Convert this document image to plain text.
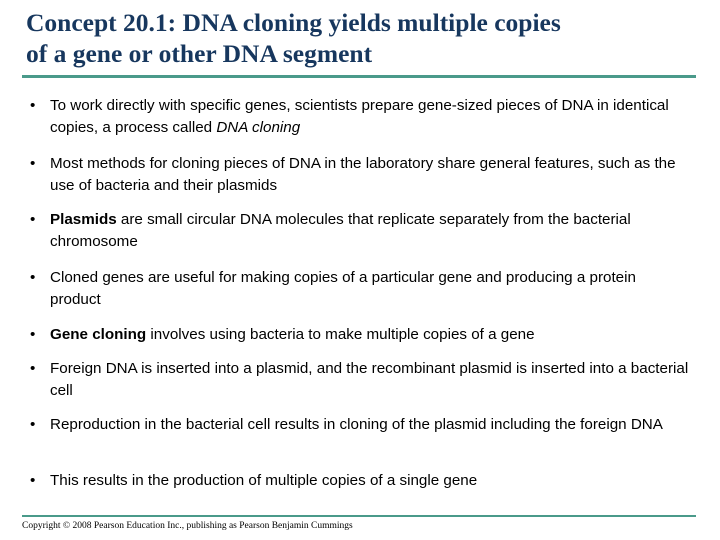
Concept 20.1: DNA cloning yields multiple copies
of a gene or other DNA segment
• To work directly with specific genes, scientists prepare gene-sized pieces of DNA in identical copies, a process called DNA cloning
• Most methods for cloning pieces of DNA in the laboratory share general features, such as the use of bacteria and their plasmids
• Plasmids are small circular DNA molecules that replicate separately from the bacterial chromosome
• Cloned genes are useful for making copies of a particular gene and producing a protein product
• Gene cloning involves using bacteria to make multiple copies of a gene
• Foreign DNA is inserted into a plasmid, and the recombinant plasmid is inserted into a bacterial cell
• Reproduction in the bacterial cell results in cloning of the plasmid including the foreign DNA
• This results in the production of multiple copies of a single gene
Copyright © 2008 Pearson Education Inc., publishing as Pearson Benjamin Cummings
